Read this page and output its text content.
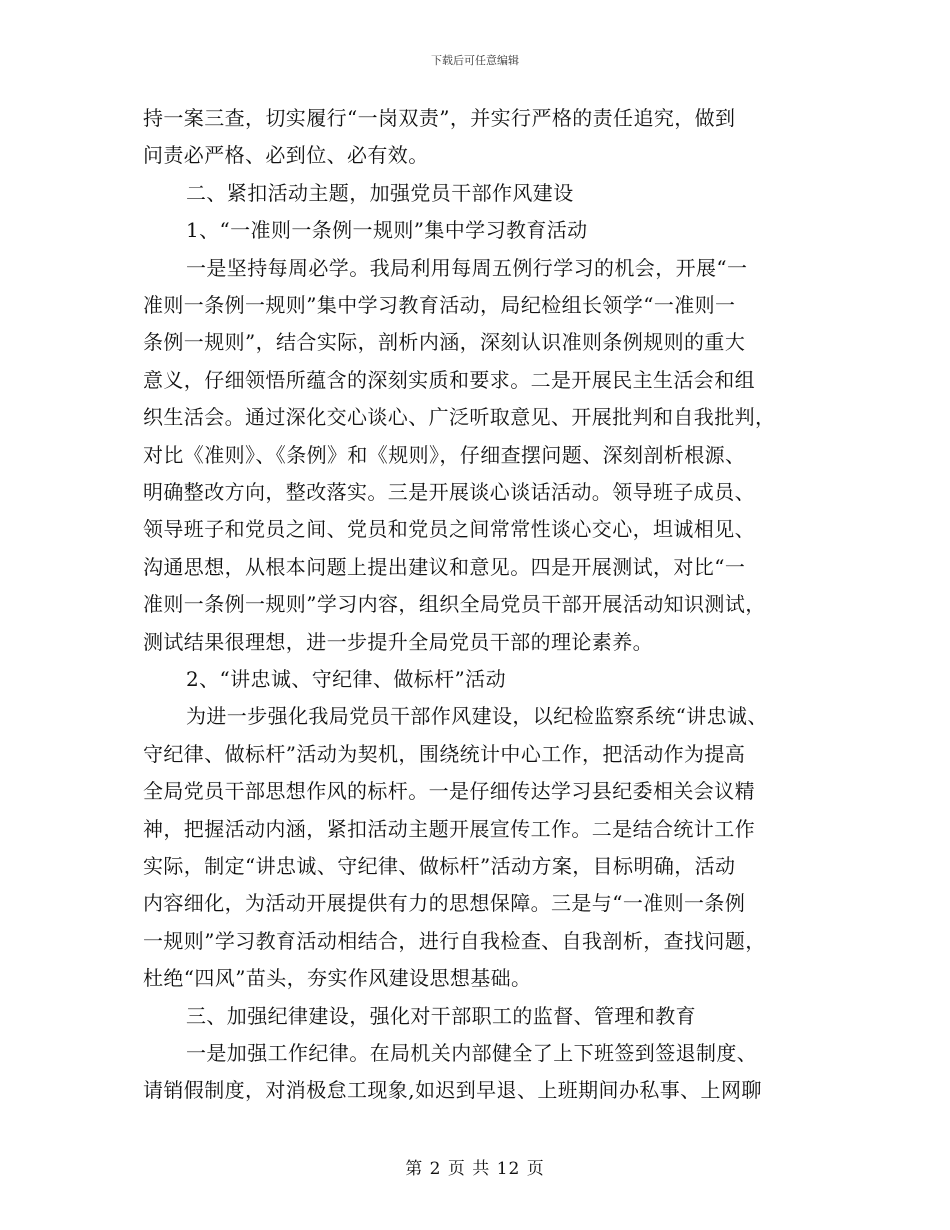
下载后可任意编辑
持一案三查，切实履行“一岗双责”，并实行严格的责任追究，做到
问责必严格、必到位、必有效。
二、紧扣活动主题，加强党员干部作风建设
1、“一准则一条例一规则”集中学习教育活动
一是坚持每周必学。我局利用每周五例行学习的机会，开展“一
准则一条例一规则”集中学习教育活动，局纪检组长领学“一准则一
条例一规则”，结合实际，剖析内涵，深刻认识准则条例规则的重大
意义，仔细领悟所蕴含的深刻实质和要求。二是开展民主生活会和组
织生活会。通过深化交心谈心、广泛听取意见、开展批判和自我批判，
对比《准则》、《条例》和《规则》，仔细查摆问题、深刻剖析根源、
明确整改方向，整改落实。三是开展谈心谈话活动。领导班子成员、
领导班子和党员之间、党员和党员之间常常性谈心交心，坦诚相见、
沟通思想，从根本问题上提出建议和意见。四是开展测试，对比“一
准则一条例一规则”学习内容，组织全局党员干部开展活动知识测试，
测试结果很理想，进一步提升全局党员干部的理论素养。
2、“讲忠诚、守纪律、做标杆”活动
为进一步强化我局党员干部作风建设，以纪检监察系统“讲忠诚、
守纪律、做标杆”活动为契机，围绕统计中心工作，把活动作为提高
全局党员干部思想作风的标杆。一是仔细传达学习县纪委相关会议精
神，把握活动内涵，紧扣活动主题开展宣传工作。二是结合统计工作
实际，制定“讲忠诚、守纪律、做标杆”活动方案，目标明确，活动
内容细化，为活动开展提供有力的思想保障。三是与“一准则一条例
一规则”学习教育活动相结合，进行自我检查、自我剖析，查找问题，
杜绝“四风”苗头，夯实作风建设思想基础。
三、加强纪律建设，强化对干部职工的监督、管理和教育
一是加强工作纪律。在局机关内部健全了上下班签到签退制度、
请销假制度，对消极怠工现象,如迟到早退、上班期间办私事、上网聊
第 2 页 共 12 页
